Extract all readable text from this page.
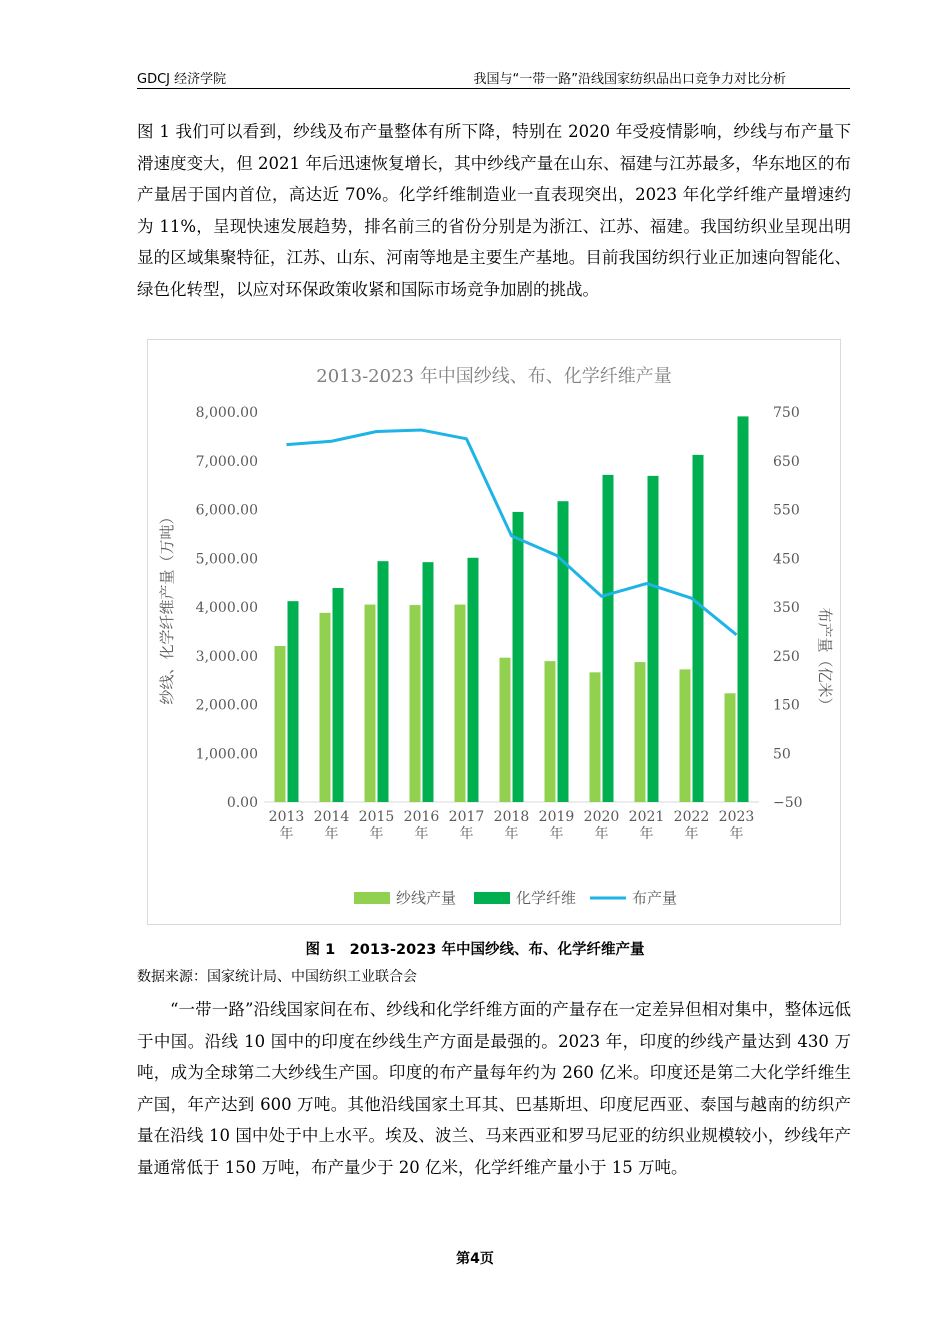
GDCJ 经济学院	我国与“一带一路”沿线国家纺织品出口竞争力对比分析

图 1 我们可以看到，纱线及布产量整体有所下降，特别在 2020 年受疫情影响，纱线与布产量下滑速度变大，但 2021 年后迅速恢复增长，其中纱线产量在山东、福建与江苏最多，华东地区的布产量居于国内首位，高达近 70%。化学纤维制造业一直表现突出，2023 年化学纤维产量增速约为 11%，呈现快速发展趋势，排名前三的省份分别是为浙江、江苏、福建。我国纺织业呈现出明显的区域集聚特征，江苏、山东、河南等地是主要生产基地。目前我国纺织行业正加速向智能化、绿色化转型，以应对环保政策收紧和国际市场竞争加剧的挑战。

2013-2023 年中国纱线、布、化学纤维产量
0.00
1,000.00
2,000.00
3,000.00
4,000.00
5,000.00
6,000.00
7,000.00
8,000.00
−50
50
150
250
350
450
550
650
750
纱线、化学纤维产量（万吨）	布产量（亿米）
2013
年
2014
年
2015
年
2016
年
2017
年
2018
年
2019
年
2020
年
2021
年
2022
年
2023
年
纱线产量	化学纤维	布产量
图 1　2013-2023 年中国纱线、布、化学纤维产量
数据来源：国家统计局、中国纺织工业联合会

“一带一路”沿线国家间在布、纱线和化学纤维方面的产量存在一定差异但相对集中，整体远低于中国。沿线 10 国中的印度在纱线生产方面是最强的。2023 年，印度的纱线产量达到 430 万吨，成为全球第二大纱线生产国。印度的布产量每年约为 260 亿米。印度还是第二大化学纤维生产国，年产达到 600 万吨。其他沿线国家土耳其、巴基斯坦、印度尼西亚、泰国与越南的纺织产量在沿线 10 国中处于中上水平。埃及、波兰、马来西亚和罗马尼亚的纺织业规模较小，纱线年产量通常低于 150 万吨，布产量少于 20 亿米，化学纤维产量小于 15 万吨。

第4页
